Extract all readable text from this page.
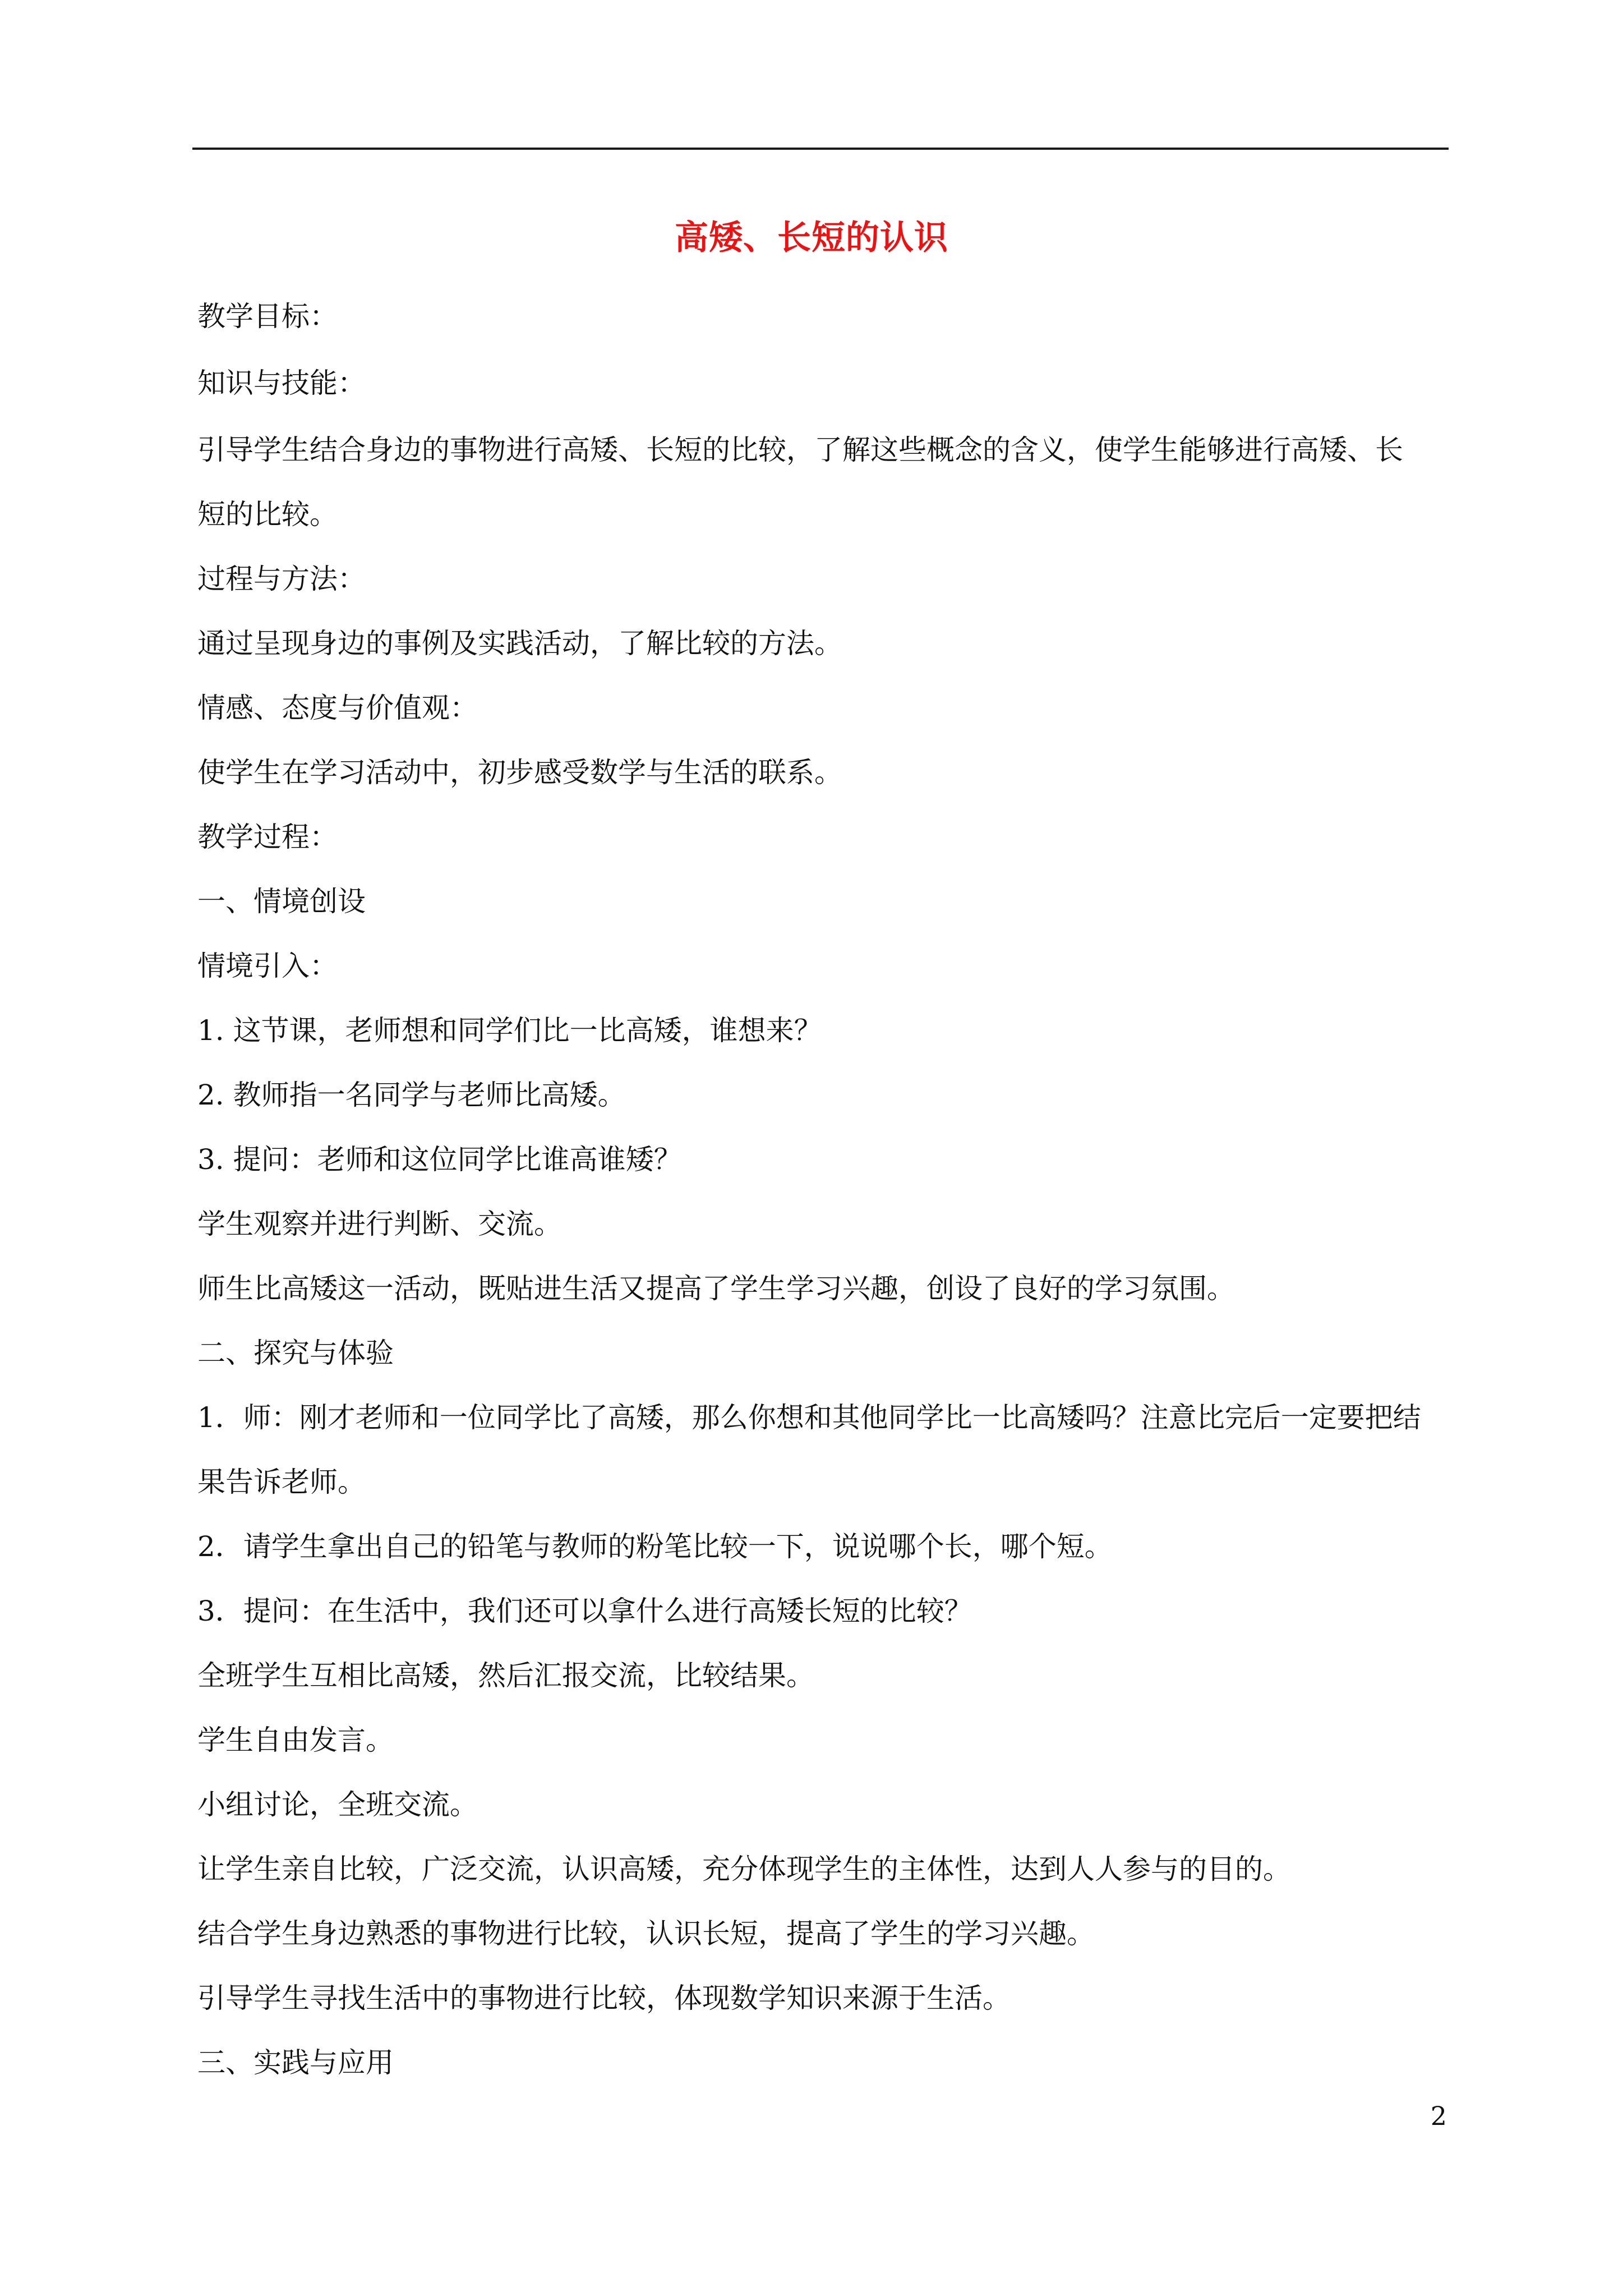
高矮、长短的认识

教学目标：

知识与技能：

引导学生结合身边的事物进行高矮、长短的比较，了解这些概念的含义，使学生能够进行高矮、长

短的比较。

过程与方法：

通过呈现身边的事例及实践活动，了解比较的方法。

情感、态度与价值观：

使学生在学习活动中，初步感受数学与生活的联系。

教学过程：

一、情境创设

情境引入：

1. 这节课，老师想和同学们比一比高矮，谁想来？

2. 教师指一名同学与老师比高矮。

3. 提问：老师和这位同学比谁高谁矮？

学生观察并进行判断、交流。

师生比高矮这一活动，既贴进生活又提高了学生学习兴趣，创设了良好的学习氛围。

二、探究与体验

1．师：刚才老师和一位同学比了高矮，那么你想和其他同学比一比高矮吗？注意比完后一定要把结

果告诉老师。

2．请学生拿出自己的铅笔与教师的粉笔比较一下，说说哪个长，哪个短。

3．提问：在生活中，我们还可以拿什么进行高矮长短的比较？

全班学生互相比高矮，然后汇报交流，比较结果。

学生自由发言。

小组讨论，全班交流。

让学生亲自比较，广泛交流，认识高矮，充分体现学生的主体性，达到人人参与的目的。

结合学生身边熟悉的事物进行比较，认识长短，提高了学生的学习兴趣。

引导学生寻找生活中的事物进行比较，体现数学知识来源于生活。

三、实践与应用

2
